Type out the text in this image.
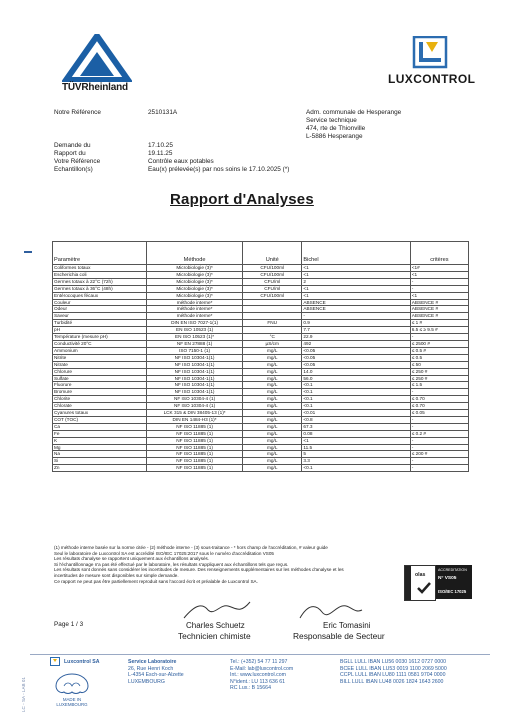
TÜVRheinland
LUXCONTROL
Notre Référence	2510131A	Adm. communale de Hesperange
Service technique
474, rte de Thionville
L-5886 Hesperange
Demande du	17.10.25
Rapport du	19.11.25
Votre Référence	Contrôle eaux potables
Echantillon(s)	Eau(x) prélevée(s) par nos soins le 17.10.2025 (*)
Rapport d'Analyses
Paramètre	Méthode	Unité	Bichel	critères
Coliformes totaux	Microbiologie (3)*	CFU/100ml	<1	<1#
Escherichia coli	Microbiologie (3)*	CFU/100ml	<1	<1
Germes totaux à 22°C (72h)	Microbiologie (3)*	CFU/ml	2	-
Germes totaux à 36°C (48h)	Microbiologie (3)*	CFU/ml	<1	-
Entérocoques fécaux	Microbiologie (3)*	CFU/100ml	<1	<1
Couleur	méthode interne*		ABSENCE	ABSENCE #
Odeur	méthode interne*		ABSENCE	ABSENCE #
Saveur	méthode interne*		-	ABSENCE #
Turbidité	DIN EN ISO 7027-1(1)	FNU	0.9	≤ 1 #
pH	EN ISO 10523 (1)		7.7	6.5 ≤ ≥ 9.5 #
Température (mesure pH)	EN ISO 10523 (1)*	°C	22.9	-
Conductivité 20°C	NF EN 27888 (1)	µS/cm	492	≤ 2500 #
Ammonium	ISO 7150-1 (1)	mg/L	<0.05	≤ 0.5 #
Nitrite	NF ISO 10304-1(1)	mg/L	<0.05	≤ 0.5
Nitrate	NF ISO 10304-1(1)	mg/L	<0.05	≤ 50
Chlorure	NF ISO 10304-1(1)	mg/L	14.0	≤ 250 #
Sulfate	NF ISO 10304-1(1)	mg/L	56.0	≤ 250 #
Fluorure	NF ISO 10304-1(1)	mg/L	<0.1	≤ 1.5
Bromure	NF ISO 10304-1(1)	mg/L	<0.1	-
Chlorite	NF ISO 10304-4 (1)	mg/L	<0.1	≤ 0.70
Chlorate	NF ISO 10304-4 (1)	mg/L	<0.1	≤ 0.70
Cyanures totaux	LCK 315 & DIN 38405-13 (1)*	mg/L	<0.01	≤ 0.05
COT (TOC)	DIN EN 1484-H3 (1)*	mg/L	<0.8	-
Ca	NF ISO 11885 (1)	mg/L	67.3	-
Fe	NF ISO 11885 (1)	mg/L	0.08	≤ 0.2 #
K	NF ISO 11885 (1)	mg/L	<1	-
Mg	NF ISO 11885 (1)	mg/L	11.5	-
Na	NF ISO 11885 (1)	mg/L	5	≤ 200 #
Si	NF ISO 11885 (1)	mg/L	3.3	-
Zn	NF ISO 11885 (1)	mg/L	<0.1	-
(1) méthode interne basée sur la norme citée - (2) méthode interne - (3) sous-traitance - * hors champ de l'accréditation, # valeur guide
Seul le laboratoire de Luxcontrol SA est accrédité ISO/IEC 17025:2017 sous le numéro d'accréditation VS05
Les résultats d'analyse se rapportent uniquement aux échantillons analysés.
Si l'échantillonnage n'a pas été effectué par le laboratoire, les résultats s'appliquent aux échantillons tels que reçus.
Les résultats sont donnés sans considérer les incertitudes de mesure. Des renseignements supplémentaires sur les méthodes d'analyse et les
incertitudes de mesure sont disponibles sur simple demande.
Ce rapport ne peut pas être partiellement reproduit sans l'accord écrit et préalable de Luxcontrol SA.
olas
ACCREDITATION
N° VS05
ISO/IEC 17025
Page 1 / 3	Charles Schuetz
Technicien chimiste
Eric Tomasini
Responsable de Secteur
LC - SA - LAB 01
Luxcontrol SA
MADE IN LUXEMBOURG
Service Laboratoire
26, Rue Henri Koch
L-4354 Esch-sur-Alzette
LUXEMBOURG
Tel.: (+352) 54 77 11 297
E-Mail: lab@luxcontrol.com
Int.: www.luxcontrol.com
N°ident.: LU 113 636 61
RC Lux.: B 15664
BGLL LULL IBAN LU56 0030 1612 0727 0000
BCEE LULL IBAN LU53 0019 1100 2069 5000
CCPL LULL IBAN LU80 1111 0581 9704 0000
BILL LULL IBAN LU48 0026 1824 1643 2600
